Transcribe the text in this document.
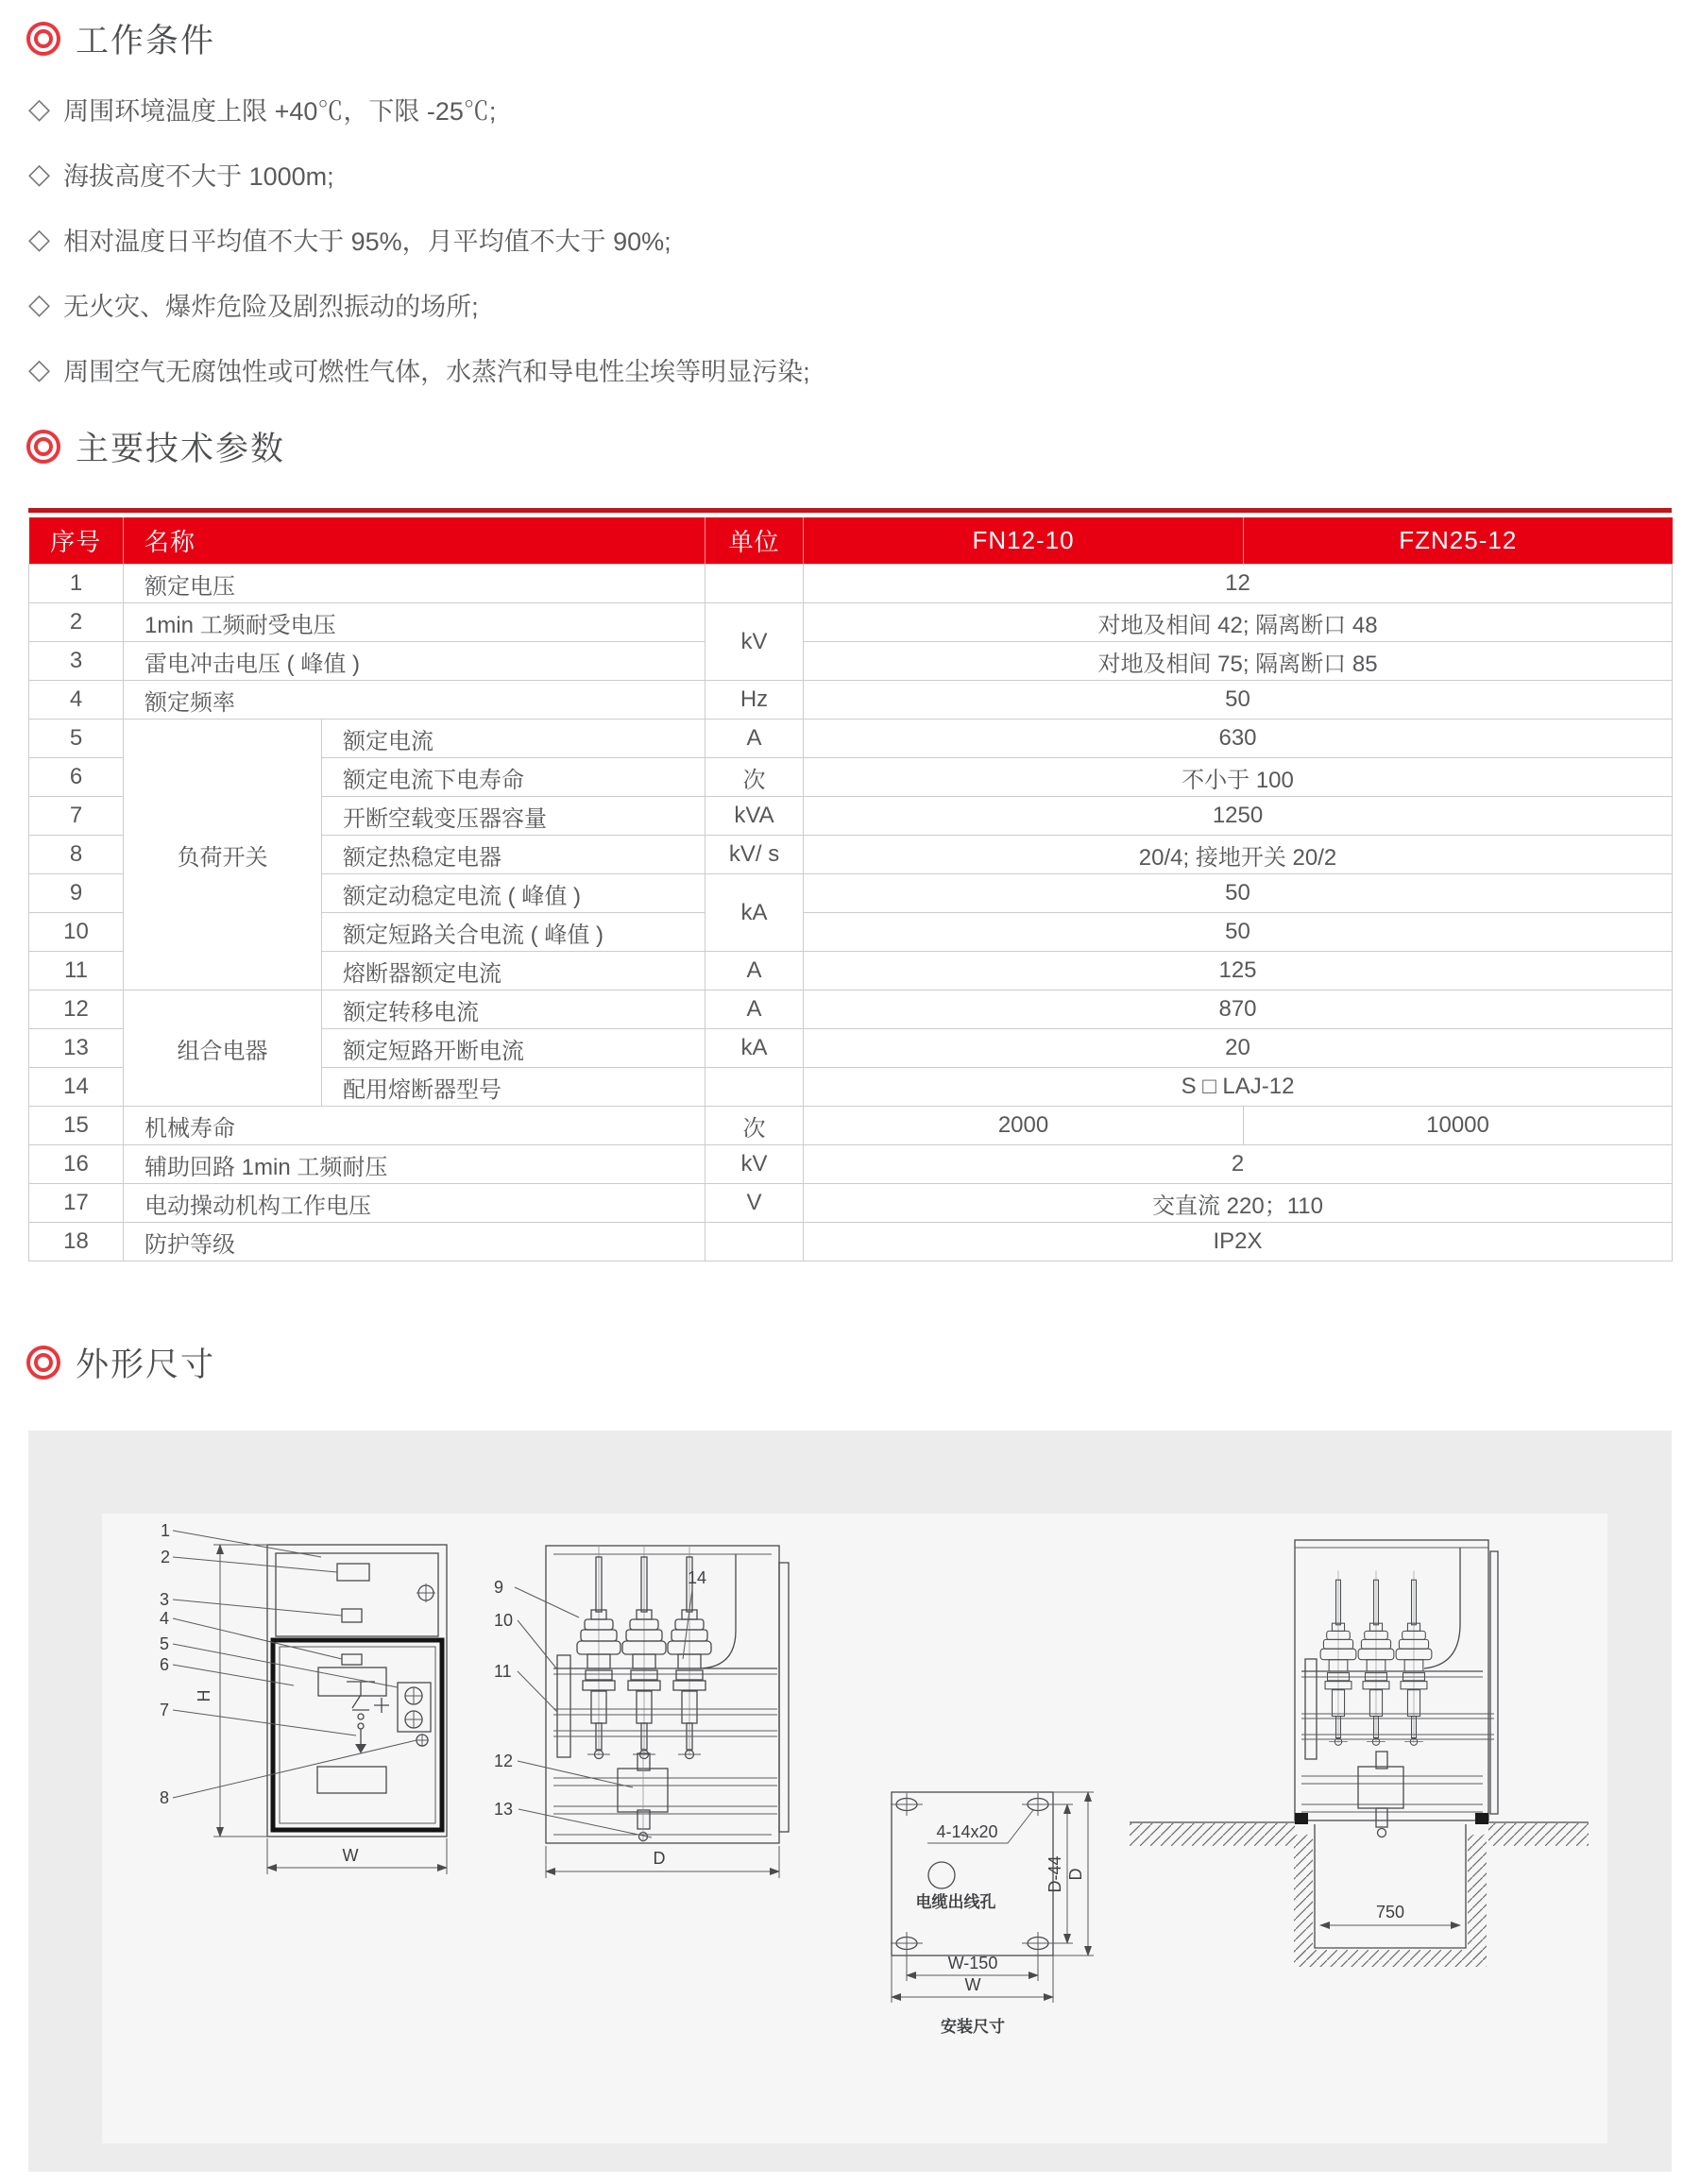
工作条件
◇ 周围环境温度上限 +40℃，下限 -25℃;
◇ 海拔高度不大于 1000m;
◇ 相对温度日平均值不大于 95%，月平均值不大于 90%;
◇ 无火灾、爆炸危险及剧烈振动的场所;
◇ 周围空气无腐蚀性或可燃性气体，水蒸汽和导电性尘埃等明显污染;
主要技术参数
序号	名称		单位	FN12-10	FZN25-12
1	额定电压			12	
2	1min 工频耐受电压		kV	对地及相间 42; 隔离断口 48	
3	雷电冲击电压 ( 峰值 )			对地及相间 75; 隔离断口 85	
4	额定频率		Hz	50	
5	负荷开关	额定电流	A	630	
6		额定电流下电寿命	次	不小于 100	
7		开断空载变压器容量	kVA	1250	
8		额定热稳定电器	kV/ s	20/4; 接地开关 20/2	
9		额定动稳定电流 ( 峰值 )	kA	50	
10		额定短路关合电流 ( 峰值 )		50	
11		熔断器额定电流	A	125	
12	组合电器	额定转移电流	A	870	
13		额定短路开断电流	kA	20	
14		配用熔断器型号		S □ LAJ-12	
15	机械寿命		次	2000	10000
16	辅助回路 1min 工频耐压		kV	2	
17	电动操动机构工作电压		V	交直流 220；110	
18	防护等级			IP2X	
外形尺寸
H
W
1
2
3
4
5
6
7
8
D
9
10
11
12
13
14
4-14x20
电缆出线孔
D-44 D
W-150
W
安装尺寸
750
